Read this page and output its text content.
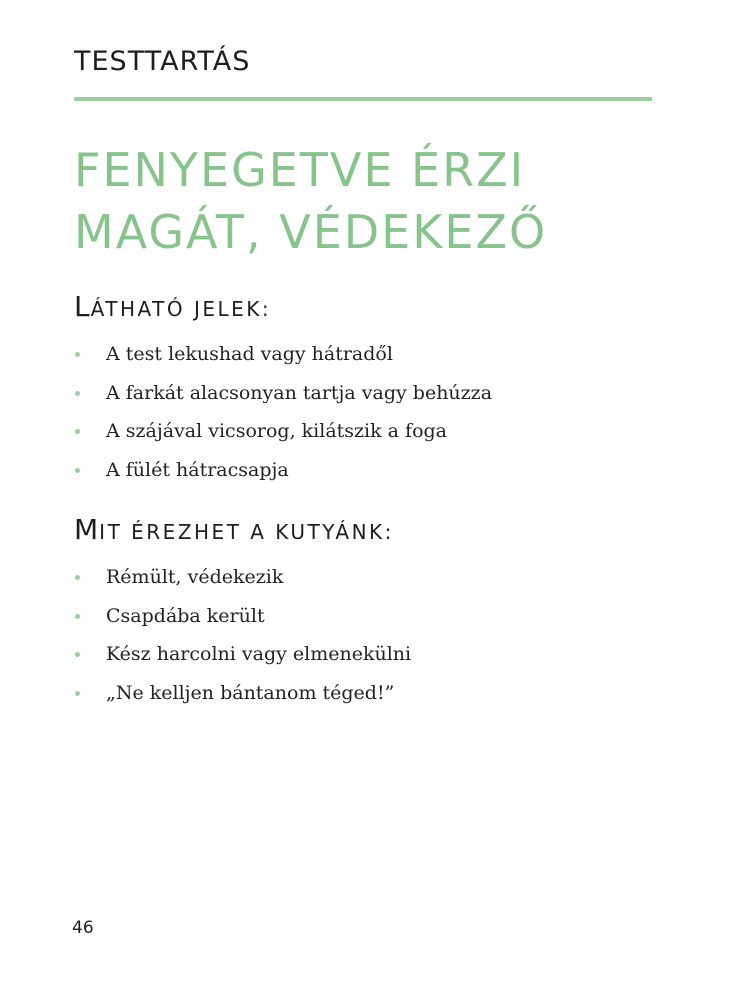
TESTTARTÁS
FENYEGETVE ÉRZI
MAGÁT, VÉDEKEZŐ
LÁTHATÓ JELEK:
A test lekushad vagy hátradől
A farkát alacsonyan tartja vagy behúzza
A szájával vicsorog, kilátszik a foga
A fülét hátracsapja
MIT ÉREZHET A KUTYÁNK:
Rémült, védekezik
Csapdába került
Kész harcolni vagy elmenekülni
„Ne kelljen bántanom téged!”

46
